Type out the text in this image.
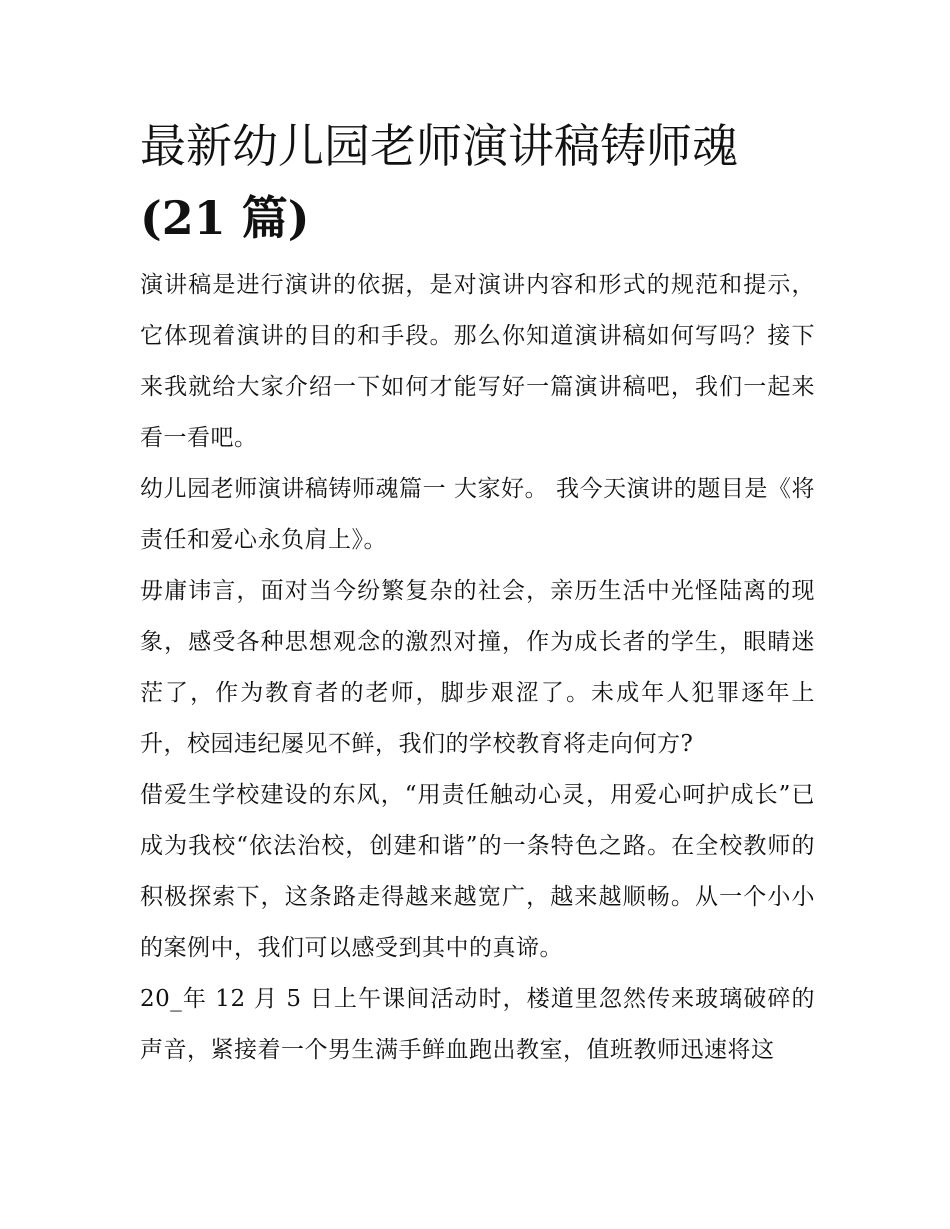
最新幼儿园老师演讲稿铸师魂
(21 篇)

演讲稿是进行演讲的依据，是对演讲内容和形式的规范和提示，它体现着演讲的目的和手段。那么你知道演讲稿如何写吗？接下来我就给大家介绍一下如何才能写好一篇演讲稿吧，我们一起来看一看吧。

幼儿园老师演讲稿铸师魂篇一 大家好。 我今天演讲的题目是《将责任和爱心永负肩上》。

毋庸讳言，面对当今纷繁复杂的社会，亲历生活中光怪陆离的现象，感受各种思想观念的激烈对撞，作为成长者的学生，眼睛迷茫了，作为教育者的老师，脚步艰涩了。未成年人犯罪逐年上升，校园违纪屡见不鲜，我们的学校教育将走向何方?

借爱生学校建设的东风，“用责任触动心灵，用爱心呵护成长”已成为我校“依法治校，创建和谐”的一条特色之路。在全校教师的积极探索下，这条路走得越来越宽广，越来越顺畅。从一个小小的案例中，我们可以感受到其中的真谛。

20_年 12 月 5 日上午课间活动时，楼道里忽然传来玻璃破碎的声音，紧接着一个男生满手鲜血跑出教室，值班教师迅速将这
